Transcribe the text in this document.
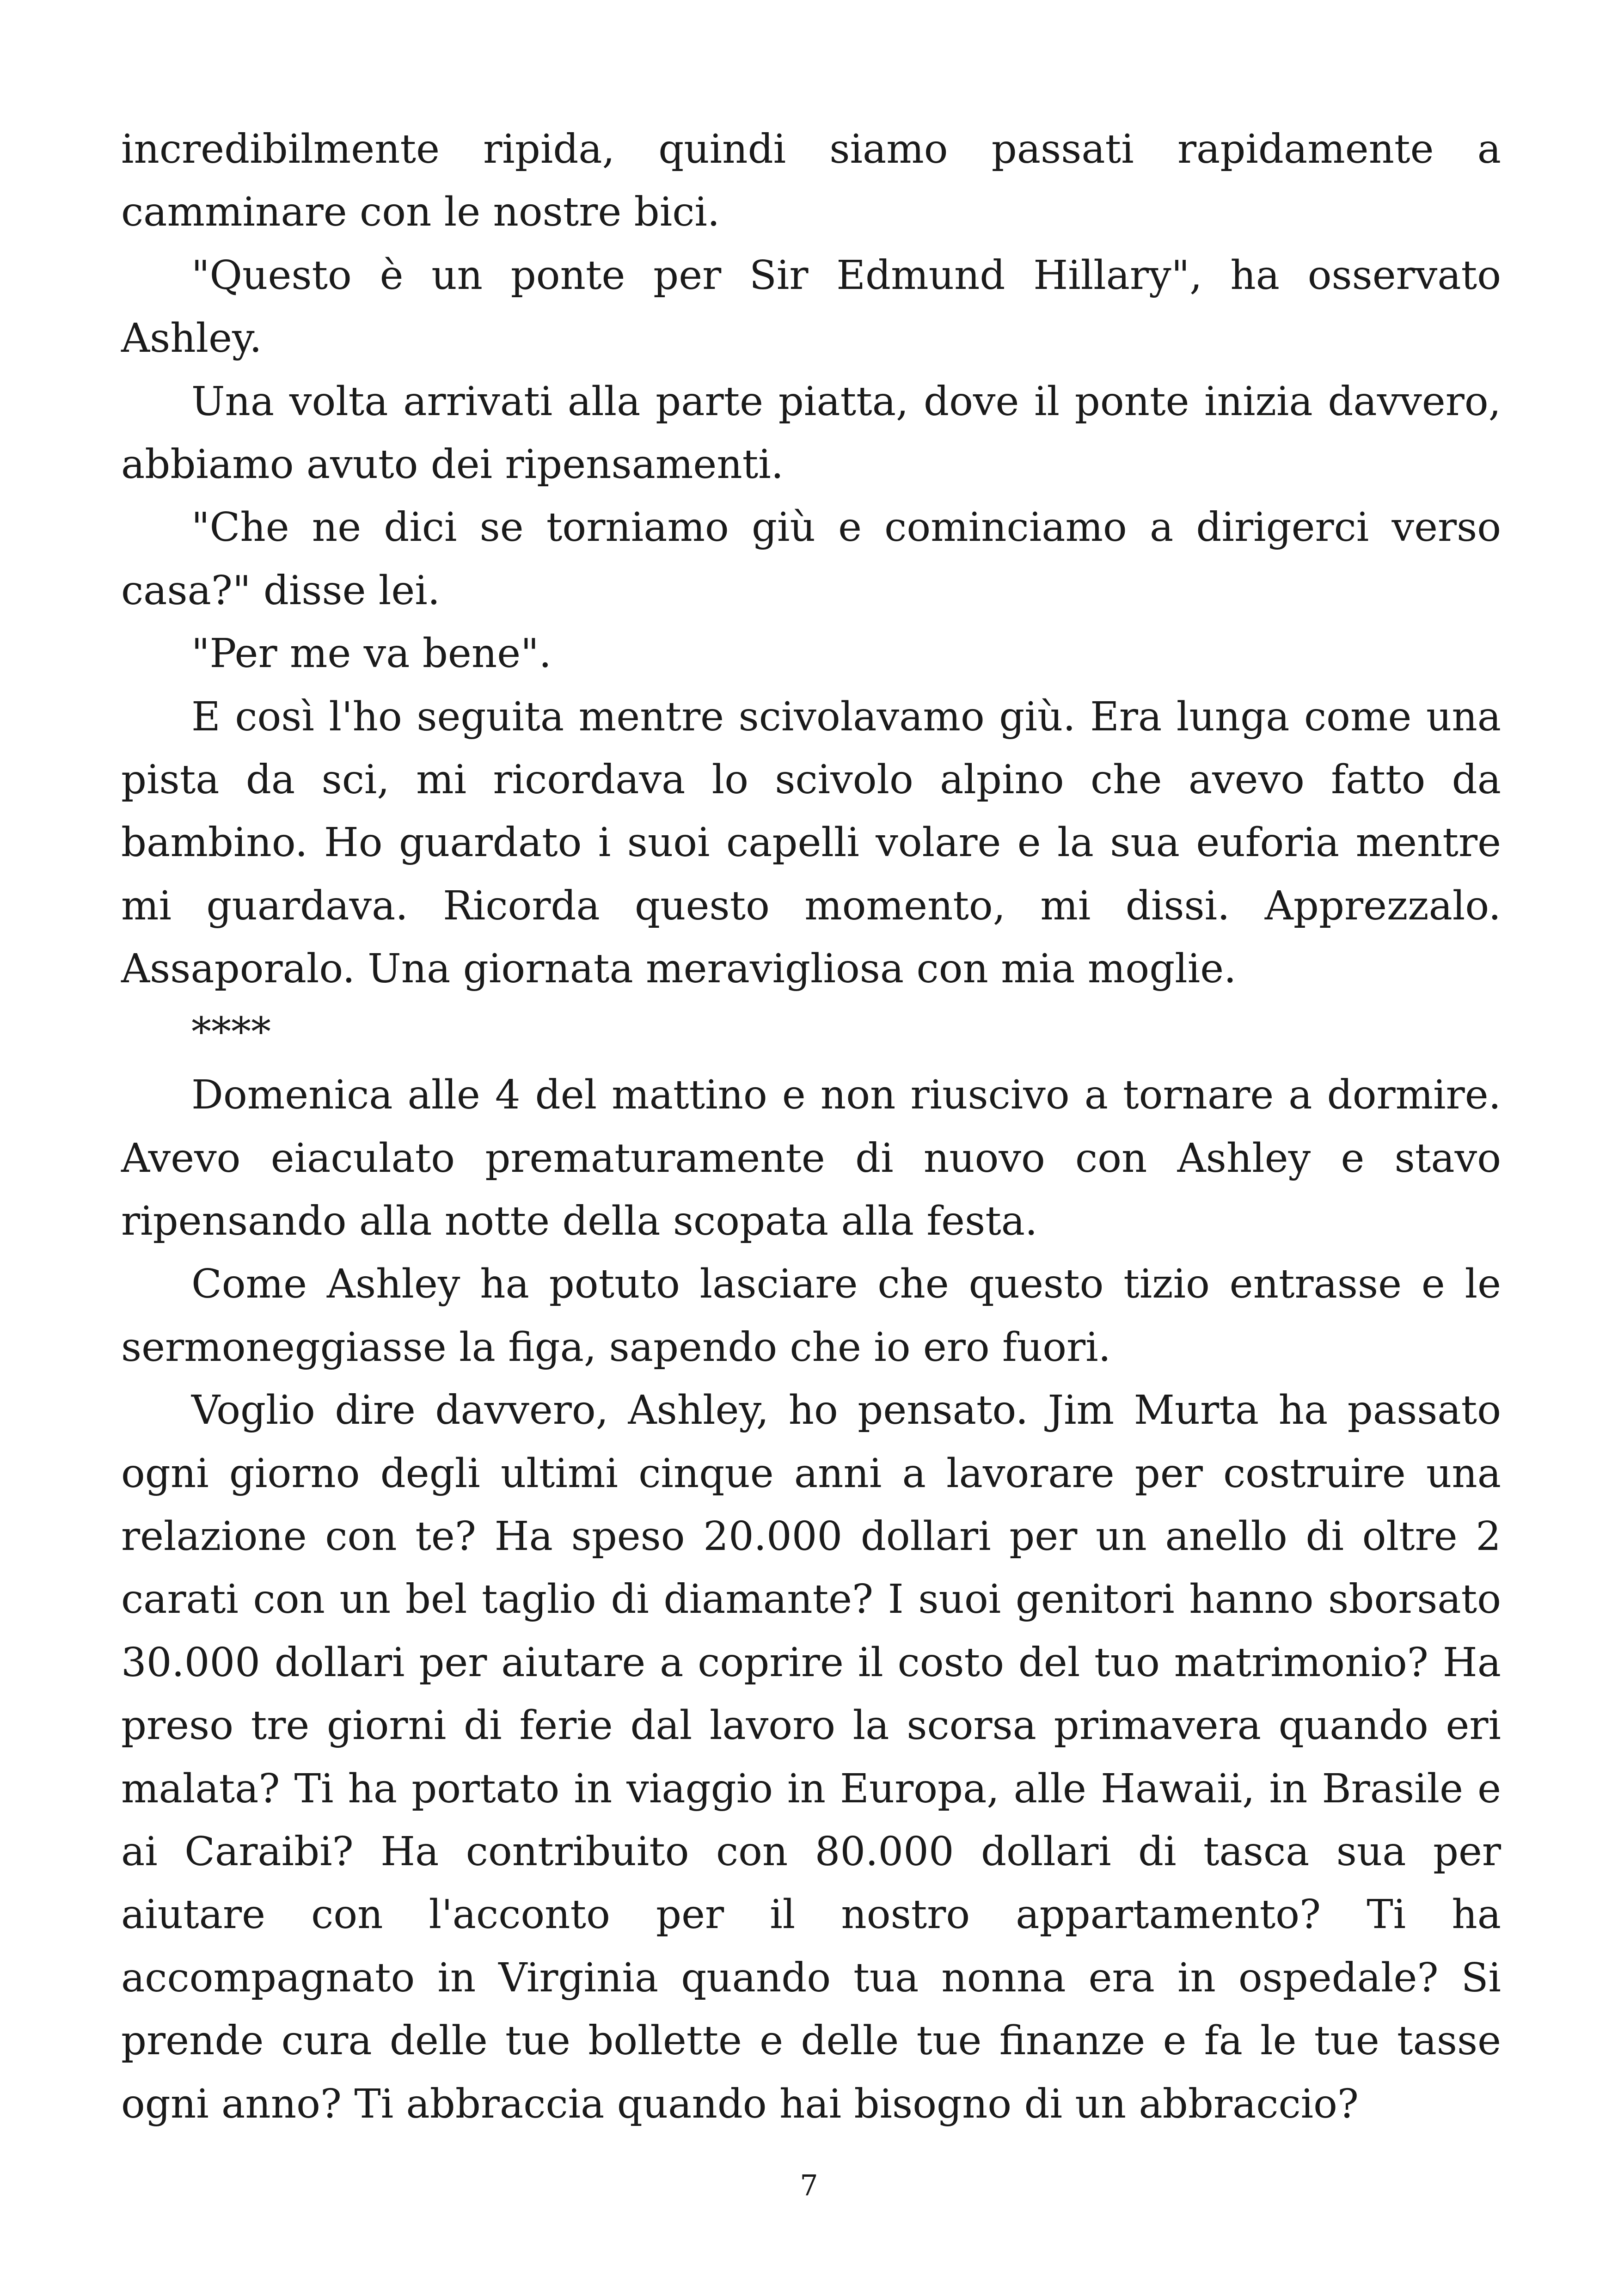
incredibilmente ripida, quindi siamo passati rapidamente a camminare con le nostre bici.

"Questo è un ponte per Sir Edmund Hillary", ha osservato Ashley.

Una volta arrivati alla parte piatta, dove il ponte inizia davvero, abbiamo avuto dei ripensamenti.

"Che ne dici se torniamo giù e cominciamo a dirigerci verso casa?" disse lei.

"Per me va bene".

E così l'ho seguita mentre scivolavamo giù. Era lunga come una pista da sci, mi ricordava lo scivolo alpino che avevo fatto da bambino. Ho guardato i suoi capelli volare e la sua euforia mentre mi guardava. Ricorda questo momento, mi dissi. Apprezzalo. Assaporalo. Una giornata meravigliosa con mia moglie.

****

Domenica alle 4 del mattino e non riuscivo a tornare a dormire. Avevo eiaculato prematuramente di nuovo con Ashley e stavo ripensando alla notte della scopata alla festa.

Come Ashley ha potuto lasciare che questo tizio entrasse e le sermoneggiasse la figa, sapendo che io ero fuori.

Voglio dire davvero, Ashley, ho pensato. Jim Murta ha passato ogni giorno degli ultimi cinque anni a lavorare per costruire una relazione con te? Ha speso 20.000 dollari per un anello di oltre 2 carati con un bel taglio di diamante? I suoi genitori hanno sborsato 30.000 dollari per aiutare a coprire il costo del tuo matrimonio? Ha preso tre giorni di ferie dal lavoro la scorsa primavera quando eri malata? Ti ha portato in viaggio in Europa, alle Hawaii, in Brasile e ai Caraibi? Ha contribuito con 80.000 dollari di tasca sua per aiutare con l'acconto per il nostro appartamento? Ti ha accompagnato in Virginia quando tua nonna era in ospedale? Si prende cura delle tue bollette e delle tue finanze e fa le tue tasse ogni anno? Ti abbraccia quando hai bisogno di un abbraccio?

7
